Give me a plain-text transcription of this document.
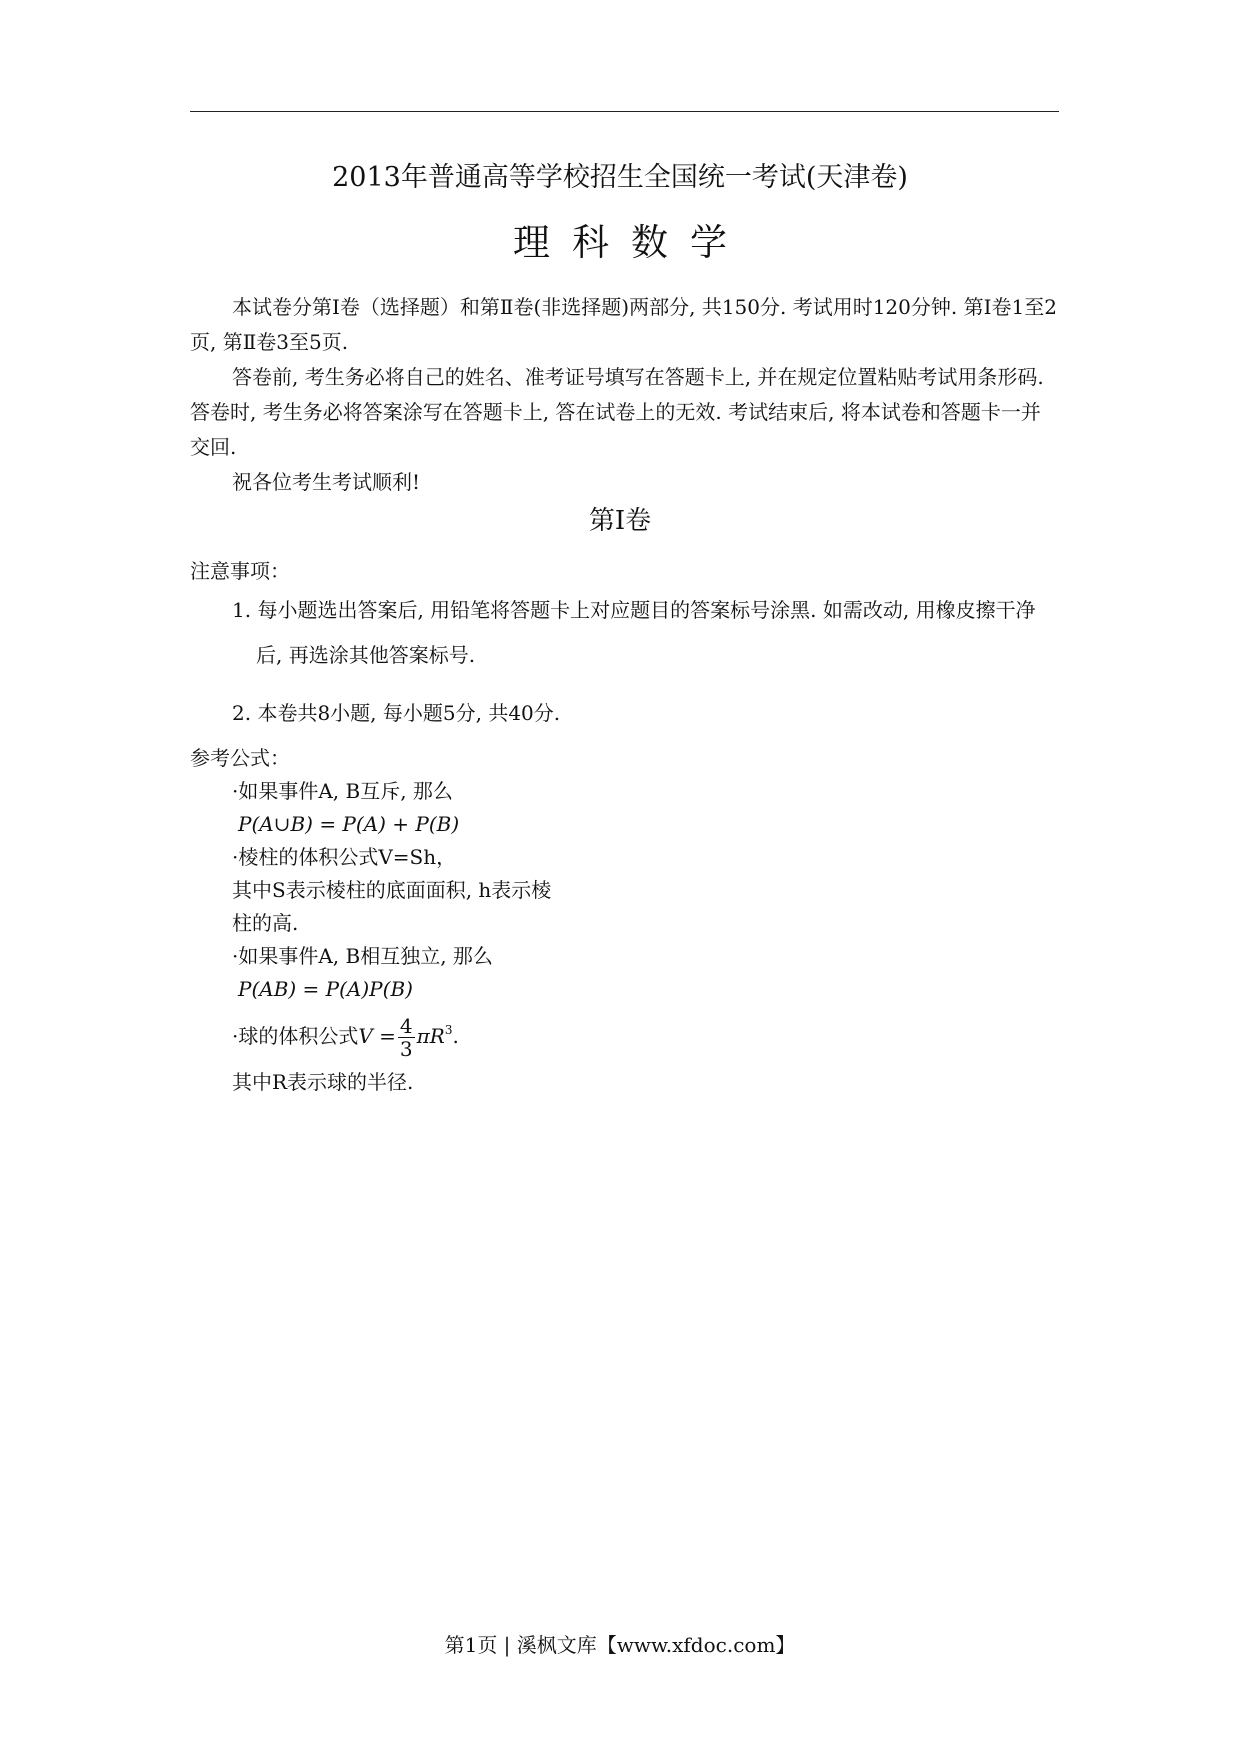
2013年普通高等学校招生全国统一考试(天津卷)
理科数学

本试卷分第Ⅰ卷（选择题）和第Ⅱ卷(非选择题)两部分, 共150分. 考试用时120分钟. 第Ⅰ卷1至2页, 第Ⅱ卷3至5页.

答卷前, 考生务必将自己的姓名、准考证号填写在答题卡上, 并在规定位置粘贴考试用条形码. 答卷时, 考生务必将答案涂写在答题卡上, 答在试卷上的无效. 考试结束后, 将本试卷和答题卡一并交回.

祝各位考生考试顺利!

第Ⅰ卷
注意事项：

1. 每小题选出答案后, 用铅笔将答题卡上对应题目的答案标号涂黑. 如需改动, 用橡皮擦干净后, 再选涂其他答案标号.

2. 本卷共8小题, 每小题5分, 共40分.

参考公式：

·如果事件A, B互斥, 那么

P(A∪B) = P(A) + P(B)

·棱柱的体积公式V=Sh，

其中S表示棱柱的底面面积, h表示棱

柱的高.

·如果事件A, B相互独立, 那么

P(AB) = P(A)P(B)

·球的体积公式$V = \frac{4}{3} \pi R^3$.

其中R表示球的半径.

第1页 | 溪枫文库【www.xfdoc.com】
